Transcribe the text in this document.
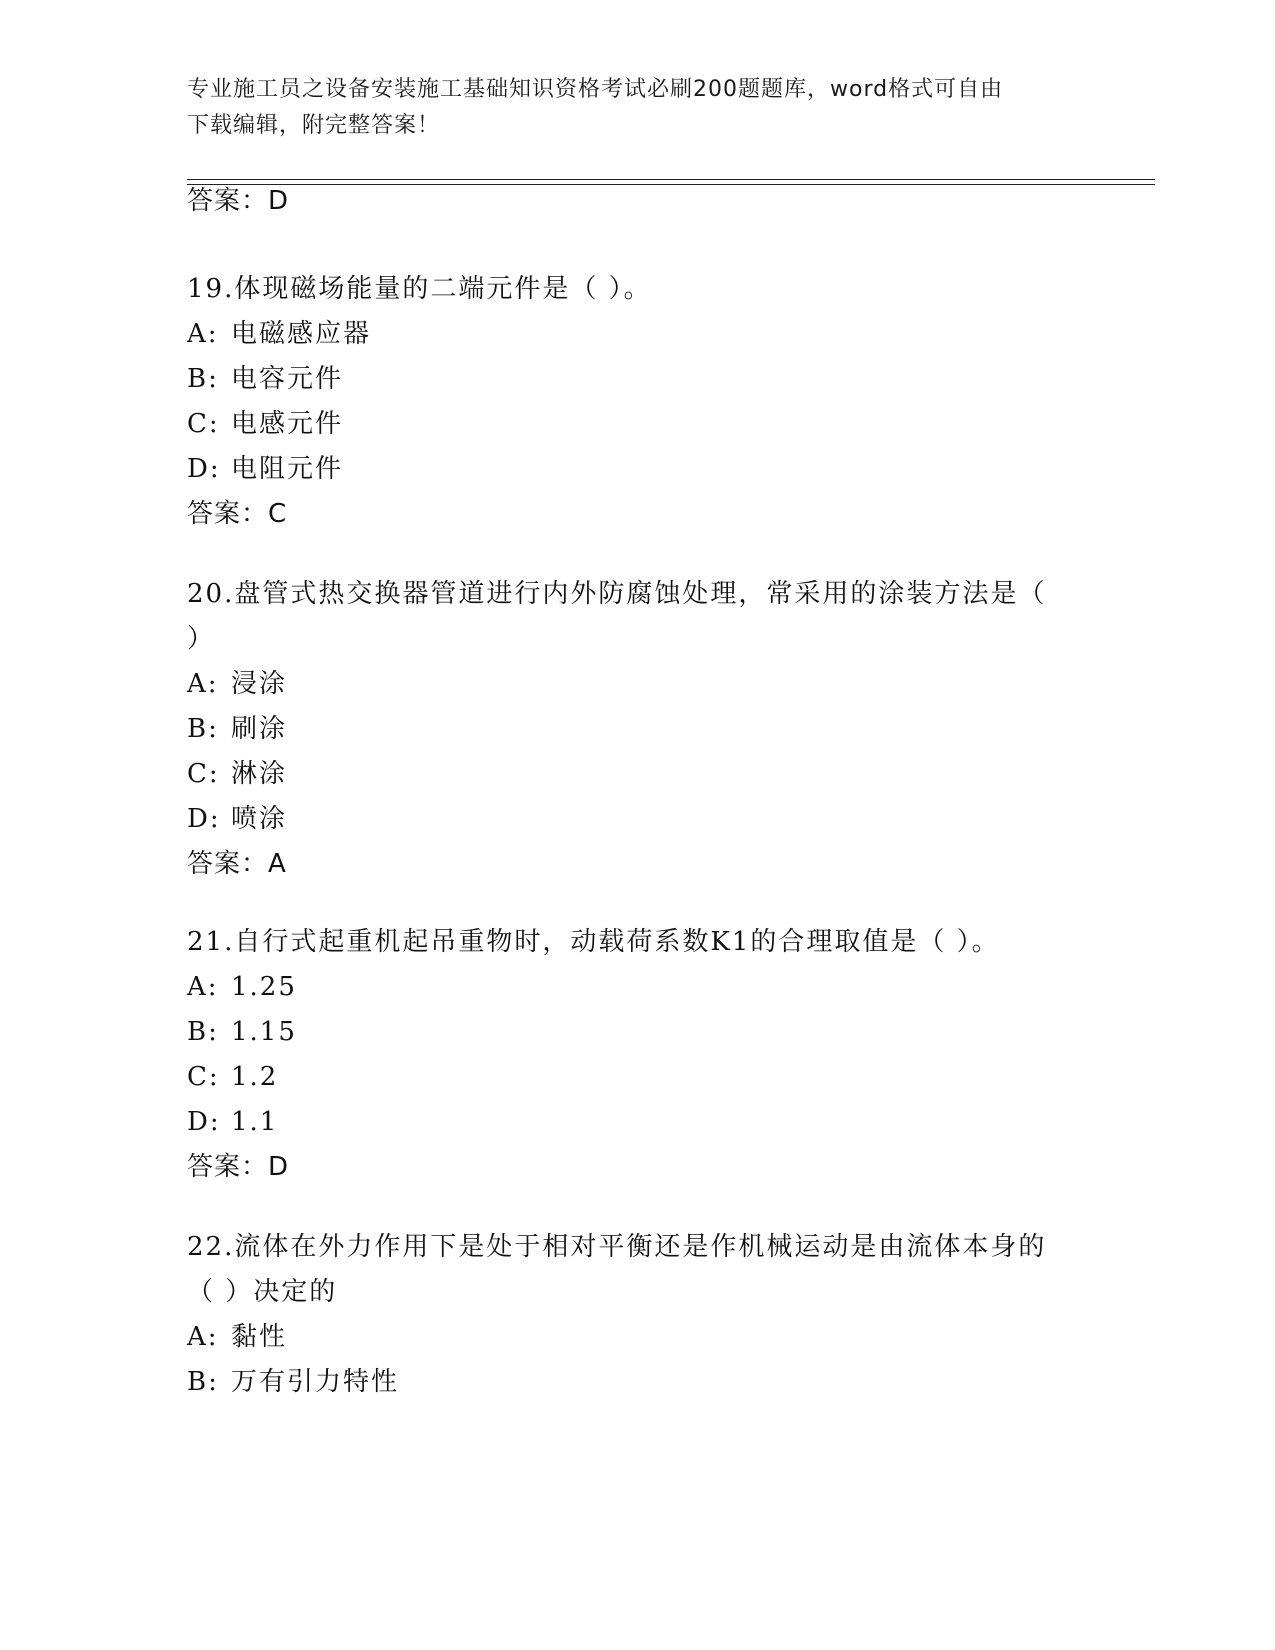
专业施工员之设备安装施工基础知识资格考试必刷200题题库，word格式可自由
下载编辑，附完整答案！
答案：D
19.体现磁场能量的二端元件是（ ）。
A: 电磁感应器
B: 电容元件
C: 电感元件
D: 电阻元件
答案：C
20.盘管式热交换器管道进行内外防腐蚀处理，常采用的涂装方法是（
）
A: 浸涂
B: 刷涂
C: 淋涂
D: 喷涂
答案：A
21.自行式起重机起吊重物时，动载荷系数K1的合理取值是（ ）。
A: 1.25
B: 1.15
C: 1.2
D: 1.1
答案：D
22.流体在外力作用下是处于相对平衡还是作机械运动是由流体本身的
（ ）决定的
A: 黏性
B: 万有引力特性
